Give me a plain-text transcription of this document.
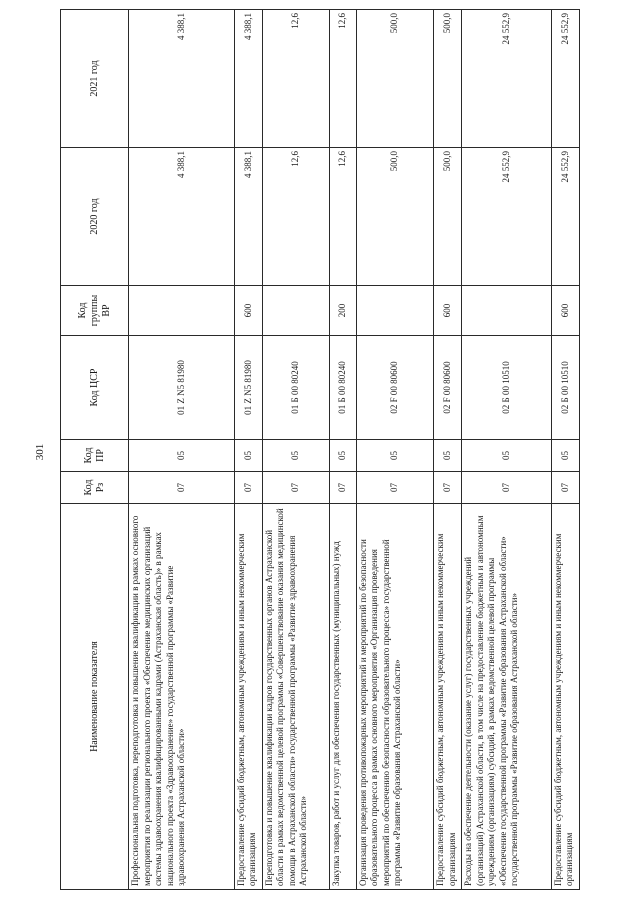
301
Наименование показателя	Код Рз	Код ПР	Код ЦСР	Код группы ВР	2020 год	2021 год
Профессиональная подготовка, переподготовка и повышение квалификации в рамках основного мероприятия по реализации регионального проекта «Обеспечение медицинских организаций системы здравоохранения квалифицированными кадрами (Астраханская область)» в рамках национального проекта «Здравоохранение» государственной программы «Развитие здравоохранения Астраханской области»	07	05	01 Z N5 81980		4 388,1	4 388,1
Предоставление субсидий бюджетным, автономным учреждениям и иным некоммерческим организациям	07	05	01 Z N5 81980	600	4 388,1	4 388,1
Переподготовка и повышение квалификации кадров государственных органов Астраханской области в рамках ведомственной целевой программы «Совершенствование оказания медицинской помощи в Астраханской области» государственной программы «Развитие здравоохранения Астраханской области»	07	05	01 Б 00 80240		12,6	12,6
Закупка товаров, работ и услуг для обеспечения государственных (муниципальных) нужд	07	05	01 Б 00 80240	200	12,6	12,6
Организация проведения противопожарных мероприятий и мероприятий по безопасности образовательного процесса в рамках основного мероприятия «Организация проведения мероприятий по обеспечению безопасности образовательного процесса» государственной программы «Развитие образования Астраханской области»	07	05	02 F 00 80600		500,0	500,0
Предоставление субсидий бюджетным, автономным учреждениям и иным некоммерческим организациям	07	05	02 F 00 80600	600	500,0	500,0
Расходы на обеспечение деятельности (оказание услуг) государственных учреждений (организаций) Астраханской области, в том числе на предоставление бюджетным и автономным учреждениям (организациям) субсидий, в рамках ведомственной целевой программы «Обеспечение государственной программы «Развитие образования Астраханской области» государственной программы «Развитие образования Астраханской области»	07	05	02 Б 00 10510		24 552,9	24 552,9
Предоставление субсидий бюджетным, автономным учреждениям и иным некоммерческим организациям	07	05	02 Б 00 10510	600	24 552,9	24 552,9
